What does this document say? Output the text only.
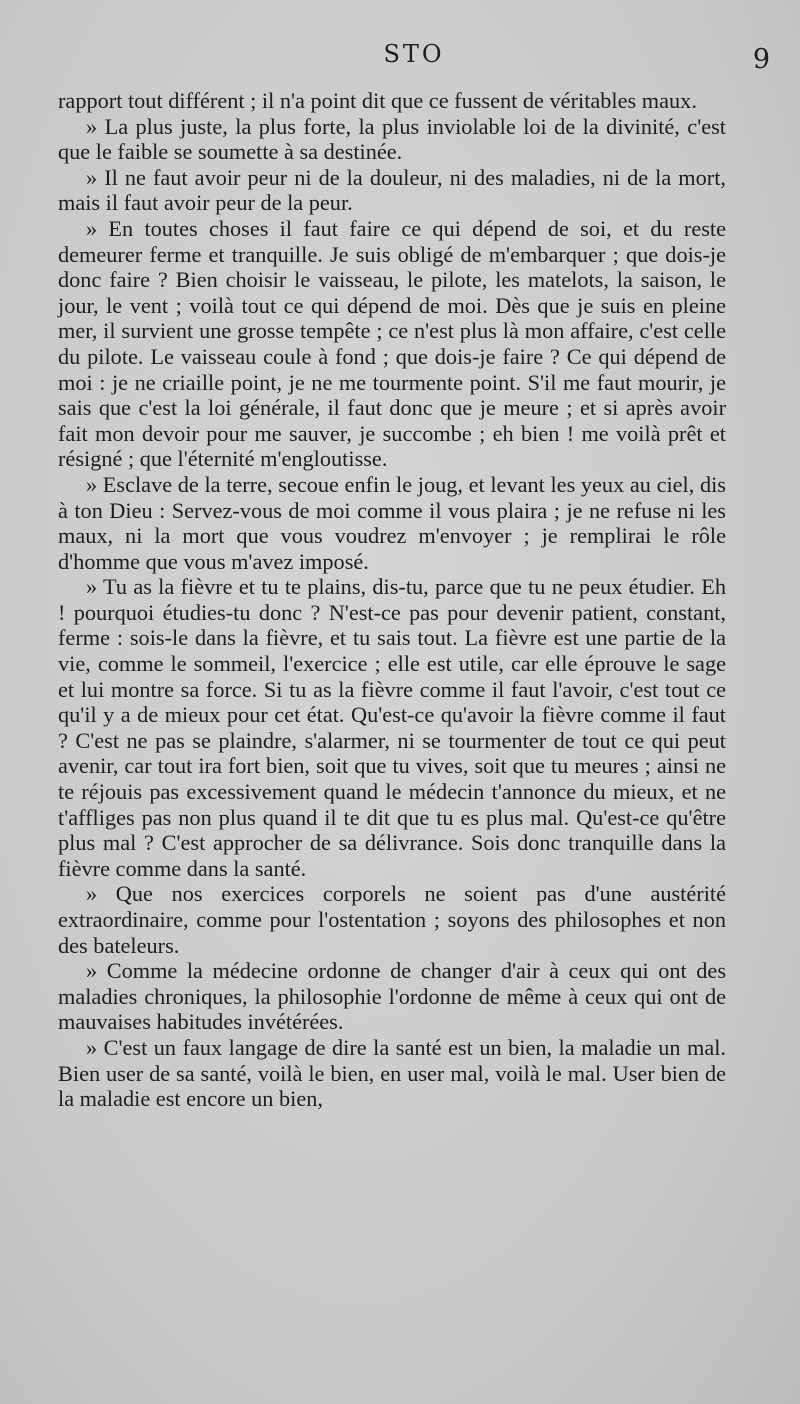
STO	9

rapport tout différent ; il n'a point dit que ce fussent de véritables maux.

» La plus juste, la plus forte, la plus inviolable loi de la divinité, c'est que le faible se soumette à sa destinée.

» Il ne faut avoir peur ni de la douleur, ni des maladies, ni de la mort, mais il faut avoir peur de la peur.

» En toutes choses il faut faire ce qui dépend de soi, et du reste demeurer ferme et tranquille. Je suis obligé de m'embarquer ; que dois-je donc faire ? Bien choisir le vaisseau, le pilote, les matelots, la saison, le jour, le vent ; voilà tout ce qui dépend de moi. Dès que je suis en pleine mer, il survient une grosse tempête ; ce n'est plus là mon affaire, c'est celle du pilote. Le vaisseau coule à fond ; que dois-je faire ? Ce qui dépend de moi : je ne criaille point, je ne me tourmente point. S'il me faut mourir, je sais que c'est la loi générale, il faut donc que je meure ; et si après avoir fait mon devoir pour me sauver, je succombe ; eh bien ! me voilà prêt et résigné ; que l'éternité m'engloutisse.

» Esclave de la terre, secoue enfin le joug, et levant les yeux au ciel, dis à ton Dieu : Servez-vous de moi comme il vous plaira ; je ne refuse ni les maux, ni la mort que vous voudrez m'envoyer ; je remplirai le rôle d'homme que vous m'avez imposé.

» Tu as la fièvre et tu te plains, dis-tu, parce que tu ne peux étudier. Eh ! pourquoi étudies-tu donc ? N'est-ce pas pour devenir patient, constant, ferme : sois-le dans la fièvre, et tu sais tout. La fièvre est une partie de la vie, comme le sommeil, l'exercice ; elle est utile, car elle éprouve le sage et lui montre sa force. Si tu as la fièvre comme il faut l'avoir, c'est tout ce qu'il y a de mieux pour cet état. Qu'est-ce qu'avoir la fièvre comme il faut ? C'est ne pas se plaindre, s'alarmer, ni se tourmenter de tout ce qui peut avenir, car tout ira fort bien, soit que tu vives, soit que tu meures ; ainsi ne te réjouis pas excessivement quand le médecin t'annonce du mieux, et ne t'affliges pas non plus quand il te dit que tu es plus mal. Qu'est-ce qu'être plus mal ? C'est approcher de sa délivrance. Sois donc tranquille dans la fièvre comme dans la santé.

» Que nos exercices corporels ne soient pas d'une austérité extraordinaire, comme pour l'ostentation ; soyons des philosophes et non des bateleurs.

» Comme la médecine ordonne de changer d'air à ceux qui ont des maladies chroniques, la philosophie l'ordonne de même à ceux qui ont de mauvaises habitudes invétérées.

» C'est un faux langage de dire la santé est un bien, la maladie un mal. Bien user de sa santé, voilà le bien, en user mal, voilà le mal. User bien de la maladie est encore un bien,
